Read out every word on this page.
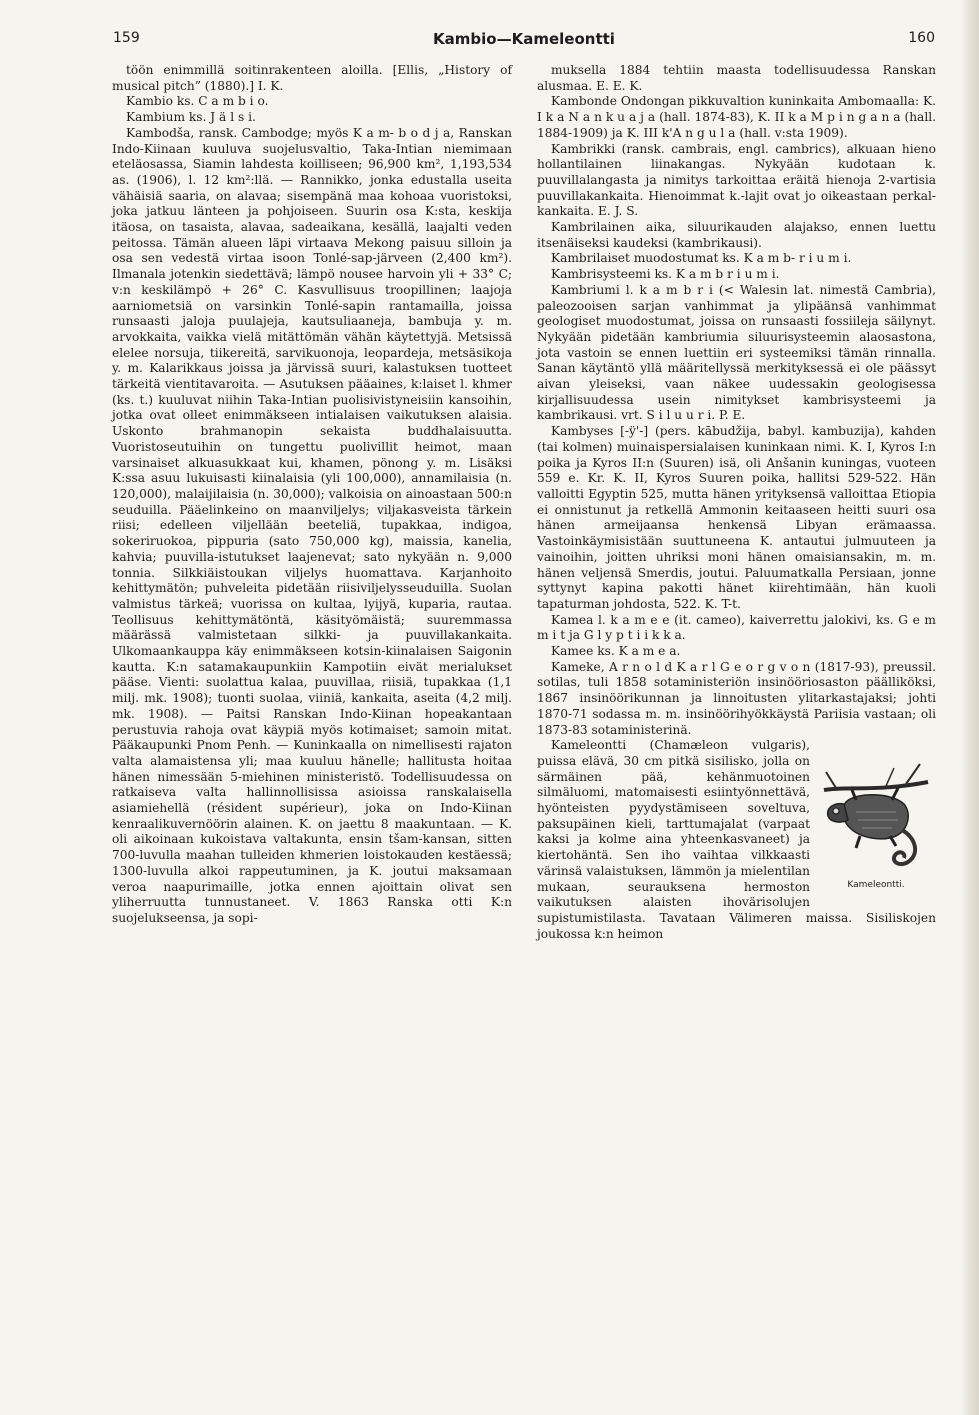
159	Kambio—Kameleontti	160

töön enimmillä soitinrakenteen aloilla. [Ellis, „History of musical pitch” (1880).] I. K.

Kambio ks. C a m b i o.

Kambium ks. J ä l s i.

Kambodša, ransk. Cambodge; myös K a m- b o d j a, Ranskan Indo-Kiinaan kuuluva suojelusvaltio, Taka-Intian niemimaan eteläosassa, Siamin lahdesta koilliseen; 96,900 km², 1,193,534 as. (1906), l. 12 km²:llä. — Rannikko, jonka edustalla useita vähäisiä saaria, on alavaa; sisempänä maa kohoaa vuoristoksi, joka jatkuu länteen ja pohjoiseen. Suurin osa K:sta, keskija itäosa, on tasaista, alavaa, sadeaikana, kesällä, laajalti veden peitossa. Tämän alueen läpi virtaava Mekong paisuu silloin ja osa sen vedestä virtaa isoon Tonlé-sap-järveen (2,400 km²). Ilmanala jotenkin siedettävä; lämpö nousee harvoin yli + 33° C; v:n keskilämpö + 26° C. Kasvullisuus troopillinen; laajoja aarniometsiä on varsinkin Tonlé-sapin rantamailla, joissa runsaasti jaloja puulajeja, kautsuliaaneja, bambuja y. m. arvokkaita, vaikka vielä mitättömän vähän käytettyjä. Metsissä elelee norsuja, tiikereitä, sarvikuonoja, leopardeja, metsäsikoja y. m. Kalarikkaus joissa ja järvissä suuri, kalastuksen tuotteet tärkeitä vientitavaroita. — Asutuksen pääaines, k:laiset l. khmer (ks. t.) kuuluvat niihin Taka-Intian puolisivistyneisiin kansoihin, jotka ovat olleet enimmäkseen intialaisen vaikutuksen alaisia. Uskonto brahmanopin sekaista buddhalaisuutta. Vuoristoseutuihin on tungettu puolivillit heimot, maan varsinaiset alkuasukkaat kui, khamen, pönong y. m. Lisäksi K:ssa asuu lukuisasti kiinalaisia (yli 100,000), annamilaisia (n. 120,000), malaijilaisia (n. 30,000); valkoisia on ainoastaan 500:n seuduilla. Pääelinkeino on maanviljelys; viljakasveista tärkein riisi; edelleen viljellään beeteliä, tupakkaa, indigoa, sokeriruokoa, pippuria (sato 750,000 kg), maissia, kanelia, kahvia; puuvilla-istutukset laajenevat; sato nykyään n. 9,000 tonnia. Silkkiäistoukan viljelys huomattava. Karjanhoito kehittymätön; puhveleita pidetään riisiviljelysseuduilla. Suolan valmistus tärkeä; vuorissa on kultaa, lyijyä, kuparia, rautaa. Teollisuus kehittymätöntä, käsityömäistä; suuremmassa määrässä valmistetaan silkki- ja puuvillakankaita. Ulkomaankauppa käy enimmäkseen kotsin-kiinalaisen Saigonin kautta. K:n satamakaupunkiin Kampotiin eivät merialukset pääse. Vienti: suolattua kalaa, puuvillaa, riisiä, tupakkaa (1,1 milj. mk. 1908); tuonti suolaa, viiniä, kankaita, aseita (4,2 milj. mk. 1908). — Paitsi Ranskan Indo-Kiinan hopeakantaan perustuvia rahoja ovat käypiä myös kotimaiset; samoin mitat. Pääkaupunki Pnom Penh. — Kuninkaalla on nimellisesti rajaton valta alamaistensa yli; maa kuuluu hänelle; hallitusta hoitaa hänen nimessään 5-miehinen ministeristö. Todellisuudessa on ratkaiseva valta hallinnollisissa asioissa ranskalaisella asiamiehellä (résident supérieur), joka on Indo-Kiinan kenraalikuvernöörin alainen. K. on jaettu 8 maakuntaan. — K. oli aikoinaan kukoistava valtakunta, ensin tšam-kansan, sitten 700-luvulla maahan tulleiden khmerien loistokauden kestäessä; 1300-luvulla alkoi rappeutuminen, ja K. joutui maksamaan veroa naapurimaille, jotka ennen ajoittain olivat sen yliherruutta tunnustaneet. V. 1863 Ranska otti K:n suojelukseensa, ja sopi-

muksella 1884 tehtiin maasta todellisuudessa Ranskan alusmaa. E. E. K.

Kambonde Ondongan pikkuvaltion kuninkaita Ambomaalla: K. I k a N a n k u a j a (hall. 1874-83), K. II k a M p i n g a n a (hall. 1884-1909) ja K. III k'A n g u l a (hall. v:sta 1909).

Kambrikki (ransk. cambrais, engl. cambrics), alkuaan hieno hollantilainen liinakangas. Nykyään kudotaan k. puuvillalangasta ja nimitys tarkoittaa eräitä hienoja 2-vartisia puuvillakankaita. Hienoimmat k.-lajit ovat jo oikeastaan perkal-kankaita. E. J. S.

Kambrilainen aika, siluurikauden alajakso, ennen luettu itsenäiseksi kaudeksi (kambrikausi).

Kambrilaiset muodostumat ks. K a m b- r i u m i.

Kambrisysteemi ks. K a m b r i u m i.

Kambriumi l. k a m b r i (< Walesin lat. nimestä Cambria), paleozooisen sarjan vanhimmat ja ylipäänsä vanhimmat geologiset muodostumat, joissa on runsaasti fossiileja säilynyt. Nykyään pidetään kambriumia siluurisysteemin alaosastona, jota vastoin se ennen luettiin eri systeemiksi tämän rinnalla. Sanan käytäntö yllä määritellyssä merkityksessä ei ole päässyt aivan yleiseksi, vaan näkee uudessakin geologisessa kirjallisuudessa usein nimitykset kambrisysteemi ja kambrikausi. vrt. S i l u u r i. P. E.

Kambyses [-ÿ'-] (pers. kābudžija, babyl. kambuzija), kahden (tai kolmen) muinaispersialaisen kuninkaan nimi. K. I, Kyros I:n poika ja Kyros II:n (Suuren) isä, oli Anšanin kuningas, vuoteen 559 e. Kr. K. II, Kyros Suuren poika, hallitsi 529-522. Hän valloitti Egyptin 525, mutta hänen yrityksensä valloittaa Etiopia ei onnistunut ja retkellä Ammonin keitaaseen heitti suuri osa hänen armeijaansa henkensä Libyan erämaassa. Vastoinkäymisistään suuttuneena K. antautui julmuuteen ja vainoihin, joitten uhriksi moni hänen omaisiansakin, m. m. hänen veljensä Smerdis, joutui. Paluumatkalla Persiaan, jonne syttynyt kapina pakotti hänet kiirehtimään, hän kuoli tapaturman johdosta, 522. K. T-t.

Kamea l. k a m e e (it. cameo), kaiverrettu jalokivi, ks. G e m m i t ja G l y p t i i k k a.

Kamee ks. K a m e a.

Kameke, A r n o l d K a r l G e o r g v o n (1817-93), preussil. sotilas, tuli 1858 sotaministeriön insinööriosaston päälliköksi, 1867 insinöörikunnan ja linnoitusten ylitarkastajaksi; johti 1870-71 sodassa m. m. insinöörihyökkäystä Pariisia vastaan; oli 1873-83 sotaministerinä.

Kameleontti.

Kameleontti (Chamæleon vulgaris), puissa elävä, 30 cm pitkä sisilisko, jolla on särmäinen pää, kehänmuotoinen silmäluomi, matomaisesti esiintyönnettävä, hyönteisten pyydystämiseen soveltuva, paksupäinen kieli, tarttumajalat (varpaat kaksi ja kolme aina yhteenkasvaneet) ja kiertohäntä. Sen iho vaihtaa vilkkaasti värinsä valaistuksen, lämmön ja mielentilan mukaan, seurauksena hermoston vaikutuksen alaisten ihovärisolujen supistumistilasta. Tavataan Välimeren maissa. Sisiliskojen joukossa k:n heimon
